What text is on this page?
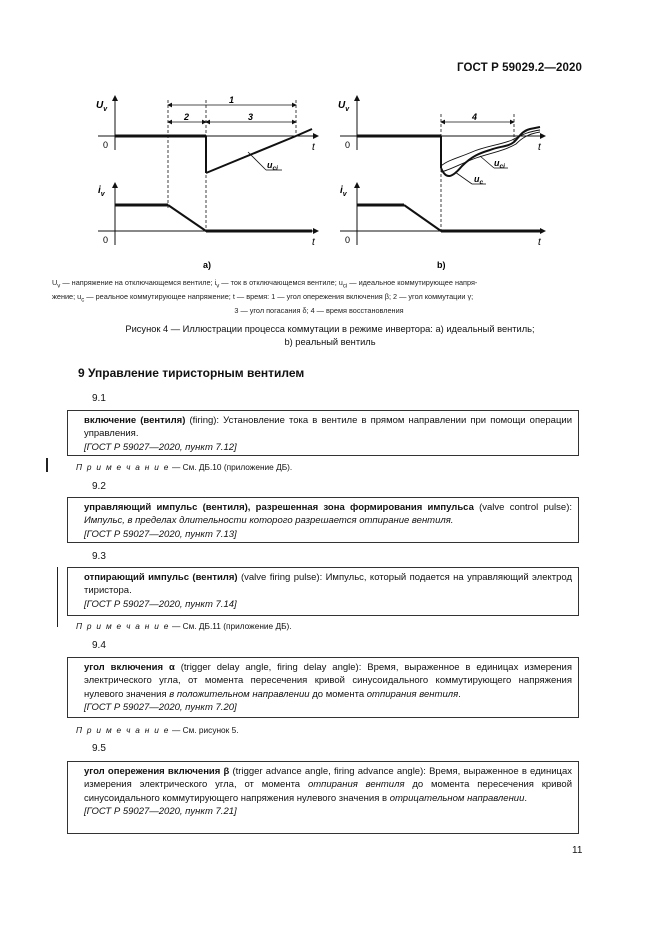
ГОСТ Р 59029.2—2020
$U_v$
0	t
1
2	3
$u_{ci}$
$i_v$
0	t
a)
$U_v$
0	t
4
$u_{ci}$
$u_c$
$i_v$
0	t
b)
$U_v$ — напряжение на отключающемся вентиле; $i_v$ — ток в отключающемся вентиле; $u_{ci}$ — идеальное коммутирующее напря-
жение; $u_c$ — реальное коммутирующее напряжение; t — время: 1 — угол опережения включения β; 2 — угол коммутации γ;
3 — угол погасания δ; 4 — время восстановления
Рисунок 4 — Иллюстрации процесса коммутации в режиме инвертора: а) идеальный вентиль;
b) реальный вентиль
9 Управление тиристорным вентилем
9.1
включение (вентиля) (firing): Установление тока в вентиле в прямом направлении при помощи операции управления.
[ГОСТ Р 59027—2020, пункт 7.12]
П р и м е ч а н и е — См. ДБ.10 (приложение ДБ).
9.2
управляющий импульс (вентиля), разрешенная зона формирования импульса (valve control pulse): Импульс, в пределах длительности которого разрешается отпирание вентиля.
[ГОСТ Р 59027—2020, пункт 7.13]
9.3
отпирающий импульс (вентиля) (valve firing pulse): Импульс, который подается на управляющий электрод тиристора.
[ГОСТ Р 59027—2020, пункт 7.14]
П р и м е ч а н и е — См. ДБ.11 (приложение ДБ).
9.4
угол включения α (trigger delay angle, firing delay angle): Время, выраженное в единицах измерения электрического угла, от момента пересечения кривой синусоидального коммутирующего напряжения нулевого значения в положительном направлении до момента отпирания вентиля.
[ГОСТ Р 59027—2020, пункт 7.20]
П р и м е ч а н и е — См. рисунок 5.
9.5
угол опережения включения β (trigger advance angle, firing advance angle): Время, выраженное в единицах измерения электрического угла, от момента отпирания вентиля до момента пересечения кривой синусоидального коммутирующего напряжения нулевого значения в отрицательном направлении.
[ГОСТ Р 59027—2020, пункт 7.21]
11
